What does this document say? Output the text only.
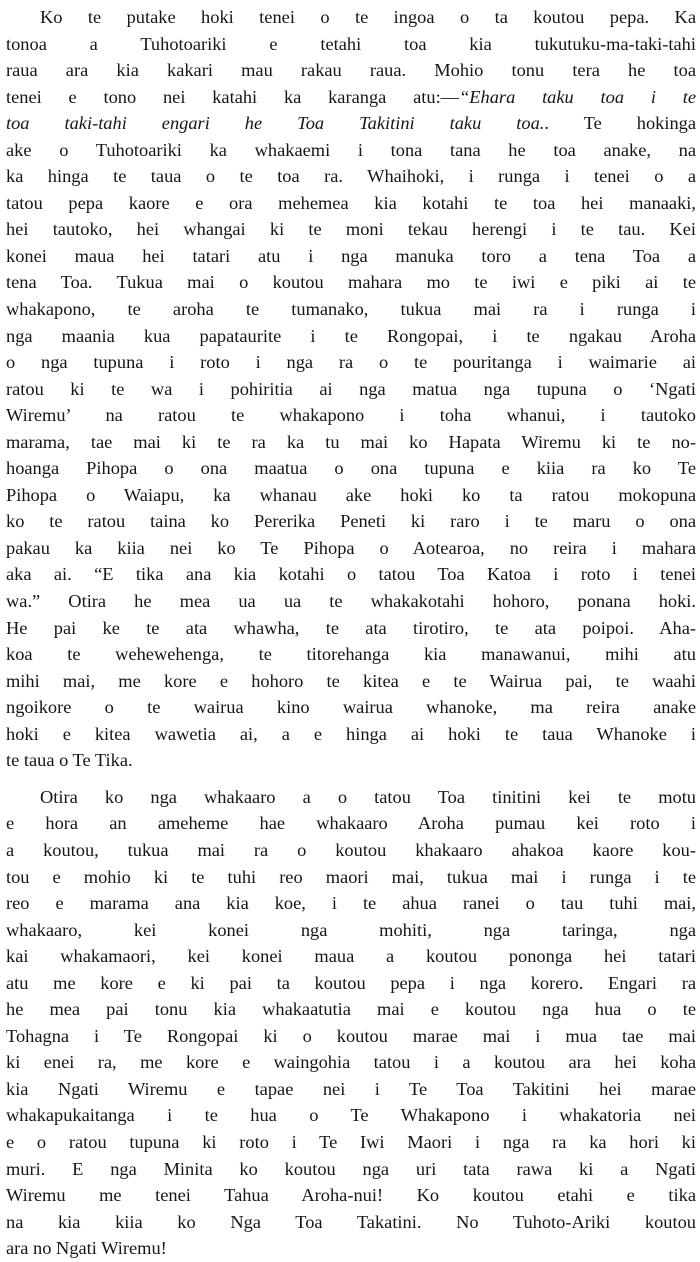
Ko te putake hoki tenei o te ingoa o ta koutou pepa. Ka
tonoa a Tuhotoariki e tetahi toa kia tukutuku-ma-taki-tahi
raua ara kia kakari mau rakau raua. Mohio tonu tera he toa
tenei e tono nei katahi ka karanga atu:—“Ehara taku toa i te
toa taki-tahi engari he Toa Takitini taku toa.. Te hokinga
ake o Tuhotoariki ka whakaemi i tona tana he toa anake, na
ka hinga te taua o te toa ra. Whaihoki, i runga i tenei o a
tatou pepa kaore e ora mehemea kia kotahi te toa hei manaaki,
hei tautoko, hei whangai ki te moni tekau herengi i te tau. Kei
konei maua hei tatari atu i nga manuka toro a tena Toa a
tena Toa. Tukua mai o koutou mahara mo te iwi e piki ai te
whakapono, te aroha te tumanako, tukua mai ra i runga i
nga maania kua papataurite i te Rongopai, i te ngakau Aroha
o nga tupuna i roto i nga ra o te pouritanga i waimarie ai
ratou ki te wa i pohiritia ai nga matua nga tupuna o ‘Ngati
Wiremu’ na ratou te whakapono i toha whanui, i tautoko
marama, tae mai ki te ra ka tu mai ko Hapata Wiremu ki te no-
hoanga Pihopa o ona maatua o ona tupuna e kiia ra ko Te
Pihopa o Waiapu, ka whanau ake hoki ko ta ratou mokopuna
ko te ratou taina ko Pererika Peneti ki raro i te maru o ona
pakau ka kiia nei ko Te Pihopa o Aotearoa, no reira i mahara
aka ai. “E tika ana kia kotahi o tatou Toa Katoa i roto i tenei
wa.” Otira he mea ua ua te whakakotahi hohoro, ponana hoki.
He pai ke te ata whawha, te ata tirotiro, te ata poipoi. Aha-
koa te wehewehenga, te titorehanga kia manawanui, mihi atu
mihi mai, me kore e hohoro te kitea e te Wairua pai, te waahi
ngoikore o te wairua kino wairua whanoke, ma reira anake
hoki e kitea wawetia ai, a e hinga ai hoki te taua Whanoke i
te taua o Te Tika.
Otira ko nga whakaaro a o tatou Toa tinitini kei te motu
e hora an ameheme hae whakaaro Aroha pumau kei roto i
a koutou, tukua mai ra o koutou khakaaro ahakoa kaore kou-
tou e mohio ki te tuhi reo maori mai, tukua mai i runga i te
reo e marama ana kia koe, i te ahua ranei o tau tuhi mai,
whakaaro, kei konei nga mohiti, nga taringa, nga
kai whakamaori, kei konei maua a koutou pononga hei tatari
atu me kore e ki pai ta koutou pepa i nga korero. Engari ra
he mea pai tonu kia whakaatutia mai e koutou nga hua o te
Tohagna i Te Rongopai ki o koutou marae mai i mua tae mai
ki enei ra, me kore e waingohia tatou i a koutou ara hei koha
kia Ngati Wiremu e tapae nei i Te Toa Takitini hei marae
whakapukaitanga i te hua o Te Whakapono i whakatoria nei
e o ratou tupuna ki roto i Te Iwi Maori i nga ra ka hori ki
muri. E nga Minita ko koutou nga uri tata rawa ki a Ngati
Wiremu me tenei Tahua Aroha-nui! Ko koutou etahi e tika
na kia kiia ko Nga Toa Takatini. No Tuhoto-Ariki koutou
ara no Ngati Wiremu!
